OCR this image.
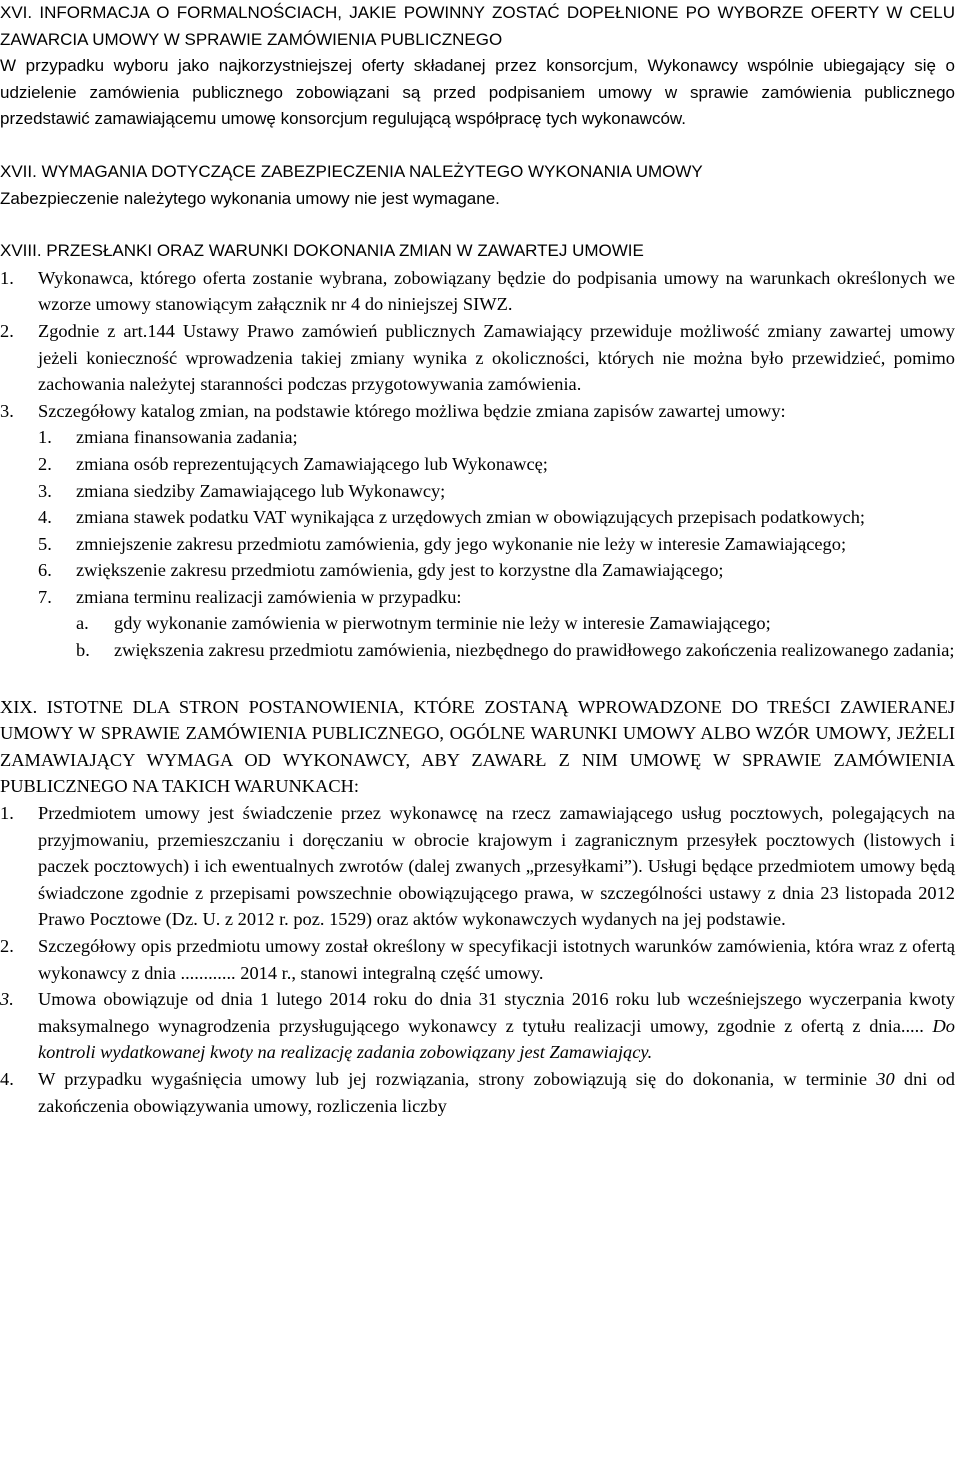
XVI. INFORMACJA O FORMALNOŚCIACH, JAKIE POWINNY ZOSTAĆ DOPEŁNIONE PO WYBORZE OFERTY W CELU ZAWARCIA UMOWY W SPRAWIE ZAMÓWIENIA PUBLICZNEGO

W przypadku wyboru jako najkorzystniejszej oferty składanej przez konsorcjum, Wykonawcy wspólnie ubiegający się o udzielenie zamówienia publicznego zobowiązani są przed podpisaniem umowy w sprawie zamówienia publicznego przedstawić zamawiającemu umowę konsorcjum regulującą współpracę tych wykonawców.

XVII. WYMAGANIA DOTYCZĄCE ZABEZPIECZENIA NALEŻYTEGO WYKONANIA UMOWY

Zabezpieczenie należytego wykonania umowy nie jest wymagane.

XVIII. PRZESŁANKI ORAZ WARUNKI DOKONANIA ZMIAN W ZAWARTEJ UMOWIE

1.	Wykonawca, którego oferta zostanie wybrana, zobowiązany będzie do podpisania umowy na warunkach określonych we wzorze umowy stanowiącym załącznik nr 4 do niniejszej SIWZ.
2.	Zgodnie z art.144 Ustawy Prawo zamówień publicznych Zamawiający przewiduje możliwość zmiany zawartej umowy jeżeli konieczność wprowadzenia takiej zmiany wynika z okoliczności, których nie można było przewidzieć, pomimo zachowania należytej staranności podczas przygotowywania zamówienia.
3.	Szczegółowy katalog zmian, na podstawie którego możliwa będzie zmiana zapisów zawartej umowy:
1.	zmiana finansowania zadania;
2.	zmiana osób reprezentujących Zamawiającego lub Wykonawcę;
3.	zmiana siedziby Zamawiającego lub Wykonawcy;
4.	zmiana stawek podatku VAT wynikająca z urzędowych zmian w obowiązujących przepisach podatkowych;
5.	zmniejszenie zakresu przedmiotu zamówienia, gdy jego wykonanie nie leży w interesie Zamawiającego;
6.	zwiększenie zakresu przedmiotu zamówienia, gdy jest to korzystne dla Zamawiającego;
7.	zmiana terminu realizacji zamówienia w przypadku:
a.	gdy wykonanie zamówienia w pierwotnym terminie nie leży w interesie Zamawiającego;
b.	zwiększenia zakresu przedmiotu zamówienia, niezbędnego do prawidłowego zakończenia realizowanego zadania;

XIX. ISTOTNE DLA STRON POSTANOWIENIA, KTÓRE ZOSTANĄ WPROWADZONE DO TREŚCI ZAWIERANEJ UMOWY W SPRAWIE ZAMÓWIENIA PUBLICZNEGO, OGÓLNE WARUNKI UMOWY ALBO WZÓR UMOWY, JEŻELI ZAMAWIAJĄCY WYMAGA OD WYKONAWCY, ABY ZAWARŁ Z NIM UMOWĘ W SPRAWIE ZAMÓWIENIA PUBLICZNEGO NA TAKICH WARUNKACH:

1.	Przedmiotem umowy jest świadczenie przez wykonawcę na rzecz zamawiającego usług pocztowych, polegających na przyjmowaniu, przemieszczaniu i doręczaniu w obrocie krajowym i zagranicznym przesyłek pocztowych (listowych i paczek pocztowych) i ich ewentualnych zwrotów (dalej zwanych „przesyłkami”). Usługi będące przedmiotem umowy będą świadczone zgodnie z przepisami powszechnie obowiązującego prawa, w szczególności ustawy z dnia 23 listopada 2012 Prawo Pocztowe (Dz. U. z 2012 r. poz. 1529) oraz aktów wykonawczych wydanych na jej podstawie.
2.	Szczegółowy opis przedmiotu umowy został określony w specyfikacji istotnych warunków zamówienia, która wraz z ofertą wykonawcy z dnia ............ 2014 r., stanowi integralną część umowy.
3.	Umowa obowiązuje od dnia 1 lutego 2014 roku do dnia 31 stycznia 2016 roku lub wcześniejszego wyczerpania kwoty maksymalnego wynagrodzenia przysługującego wykonawcy z tytułu realizacji umowy, zgodnie z ofertą z dnia..... Do kontroli wydatkowanej kwoty na realizację zadania zobowiązany jest Zamawiający.
4.	W przypadku wygaśnięcia umowy lub jej rozwiązania, strony zobowiązują się do dokonania, w terminie 30 dni od zakończenia obowiązywania umowy, rozliczenia liczby
